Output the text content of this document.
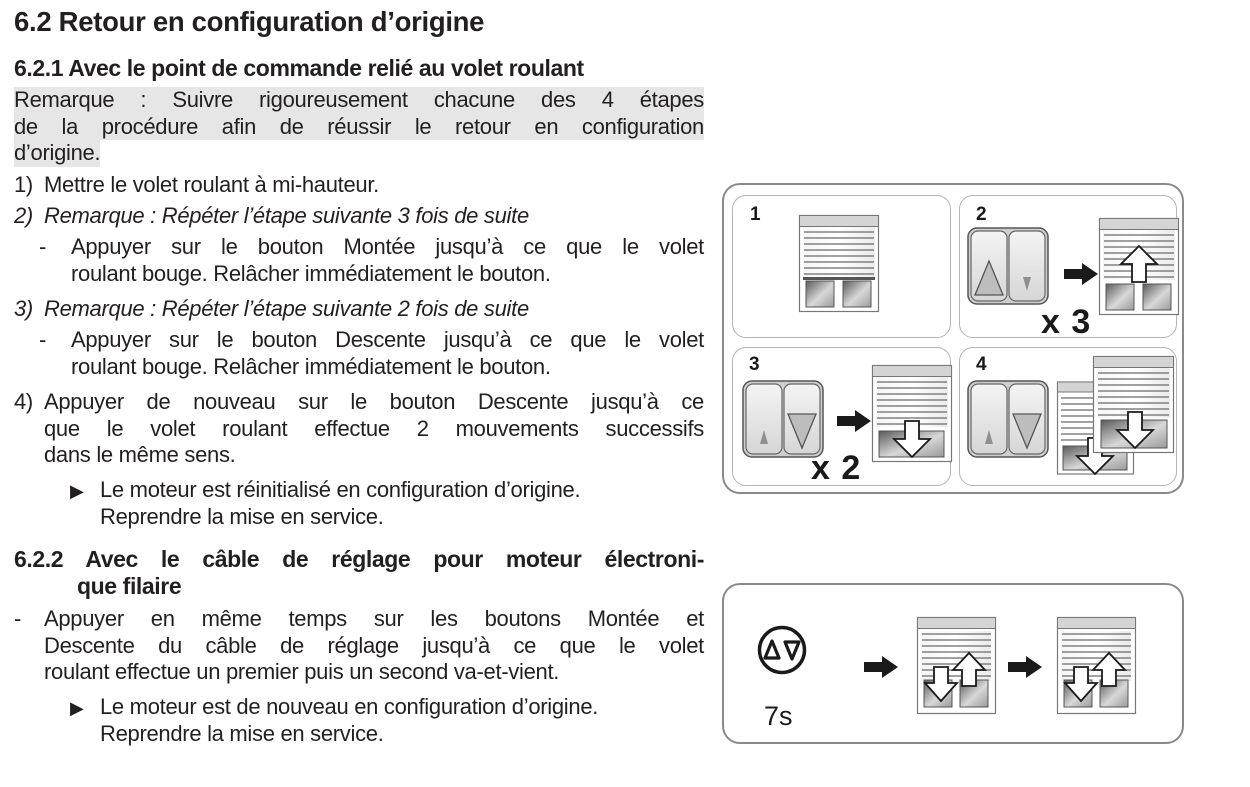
6.2 Retour en configuration d’origine
6.2.1 Avec le point de commande relié au volet roulant
Remarque : Suivre rigoureusement chacune des 4 étapes
de la procédure afin de réussir le retour en configuration
d’origine.
1) Mettre le volet roulant à mi-hauteur.
2) Remarque : Répéter l’étape suivante 3 fois de suite
- Appuyer sur le bouton Montée jusqu’à ce que le volet
roulant bouge. Relâcher immédiatement le bouton.
3) Remarque : Répéter l’étape suivante 2 fois de suite
- Appuyer sur le bouton Descente jusqu’à ce que le volet
roulant bouge. Relâcher immédiatement le bouton.
4) Appuyer de nouveau sur le bouton Descente jusqu’à ce
que le volet roulant effectue 2 mouvements successifs
dans le même sens.
▶ Le moteur est réinitialisé en configuration d’origine.
Reprendre la mise en service.
6.2.2 Avec le câble de réglage pour moteur électroni-
que filaire
- Appuyer en même temps sur les boutons Montée et
Descente du câble de réglage jusqu’à ce que le volet
roulant effectue un premier puis un second va-et-vient.
▶ Le moteur est de nouveau en configuration d’origine.
Reprendre la mise en service.
1	2
x 3
3
x 2
4
7s
